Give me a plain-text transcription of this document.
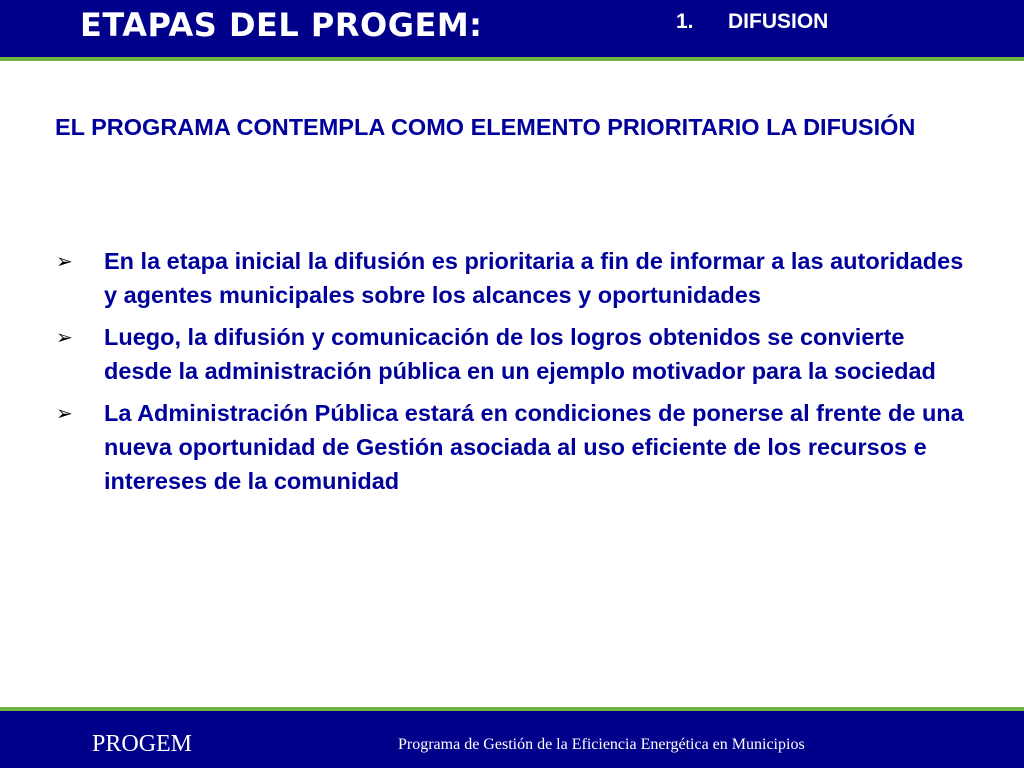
ETAPAS DEL PROGEM:	1. DIFUSION
EL PROGRAMA CONTEMPLA COMO ELEMENTO PRIORITARIO LA DIFUSIÓN
➢ En la etapa inicial la difusión es prioritaria a fin de informar a las autoridades y agentes municipales sobre los alcances y oportunidades
➢ Luego, la difusión y comunicación de los logros obtenidos se convierte desde la administración pública en un ejemplo motivador para la sociedad
➢ La Administración Pública estará en condiciones de ponerse al frente de una nueva oportunidad de Gestión asociada al uso eficiente de los recursos e intereses de la comunidad
PROGEM	Programa de Gestión de la Eficiencia Energética en Municipios
